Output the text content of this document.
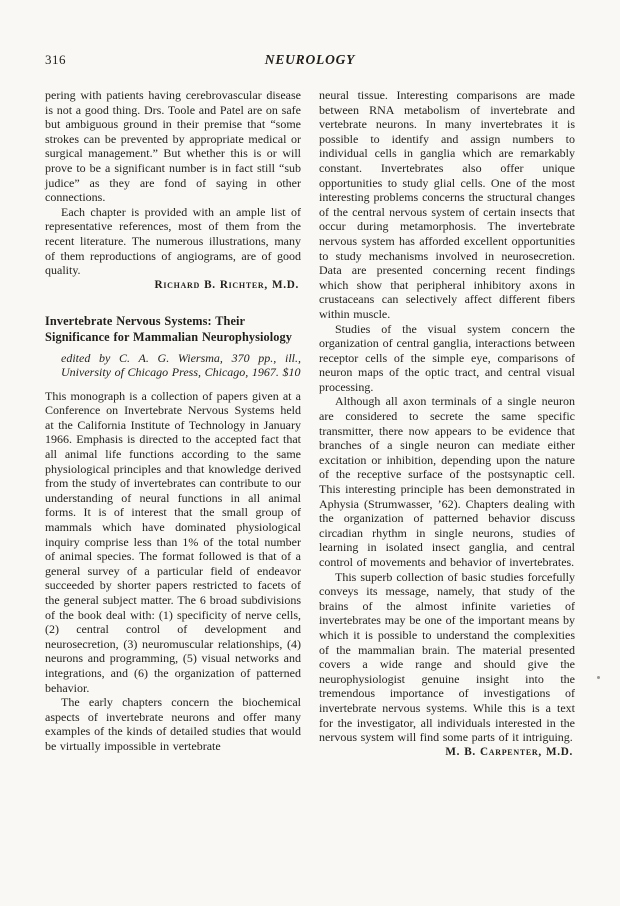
316	NEUROLOGY

pering with patients having cerebrovascular disease is not a good thing. Drs. Toole and Patel are on safe but ambiguous ground in their premise that “some strokes can be prevented by appropriate medical or surgical management.” But whether this is or will prove to be a significant number is in fact still “sub judice” as they are fond of saying in other connections.

Each chapter is provided with an ample list of representative references, most of them from the recent literature. The numerous illustrations, many of them reproductions of angiograms, are of good quality.

Richard B. Richter, M.D.

Invertebrate Nervous Systems: Their Significance for Mammalian Neurophysiology

edited by C. A. G. Wiersma, 370 pp., ill., University of Chicago Press, Chicago, 1967. $10

This monograph is a collection of papers given at a Conference on Invertebrate Nervous Systems held at the California Institute of Technology in January 1966. Emphasis is directed to the accepted fact that all animal life functions according to the same physiological principles and that knowledge derived from the study of invertebrates can contribute to our understanding of neural functions in all animal forms. It is of interest that the small group of mammals which have dominated physiological inquiry comprise less than 1% of the total number of animal species. The format followed is that of a general survey of a particular field of endeavor succeeded by shorter papers restricted to facets of the general subject matter. The 6 broad subdivisions of the book deal with: (1) specificity of nerve cells, (2) central control of development and neurosecretion, (3) neuromuscular relationships, (4) neurons and programming, (5) visual networks and integrations, and (6) the organization of patterned behavior.

The early chapters concern the biochemical aspects of invertebrate neurons and offer many examples of the kinds of detailed studies that would be virtually impossible in vertebrate

neural tissue. Interesting comparisons are made between RNA metabolism of invertebrate and vertebrate neurons. In many invertebrates it is possible to identify and assign numbers to individual cells in ganglia which are remarkably constant. Invertebrates also offer unique opportunities to study glial cells. One of the most interesting problems concerns the structural changes of the central nervous system of certain insects that occur during metamorphosis. The invertebrate nervous system has afforded excellent opportunities to study mechanisms involved in neurosecretion. Data are presented concerning recent findings which show that peripheral inhibitory axons in crustaceans can selectively affect different fibers within muscle.

Studies of the visual system concern the organization of central ganglia, interactions between receptor cells of the simple eye, comparisons of neuron maps of the optic tract, and central visual processing.

Although all axon terminals of a single neuron are considered to secrete the same specific transmitter, there now appears to be evidence that branches of a single neuron can mediate either excitation or inhibition, depending upon the nature of the receptive surface of the postsynaptic cell. This interesting principle has been demonstrated in Aphysia (Strumwasser, ’62). Chapters dealing with the organization of patterned behavior discuss circadian rhythm in single neurons, studies of learning in isolated insect ganglia, and central control of movements and behavior of invertebrates.

This superb collection of basic studies forcefully conveys its message, namely, that study of the brains of the almost infinite varieties of invertebrates may be one of the important means by which it is possible to understand the complexities of the mammalian brain. The material presented covers a wide range and should give the neurophysiologist genuine insight into the tremendous importance of investigations of invertebrate nervous systems. While this is a text for the investigator, all individuals interested in the nervous system will find some parts of it intriguing.

M. B. Carpenter, M.D.
